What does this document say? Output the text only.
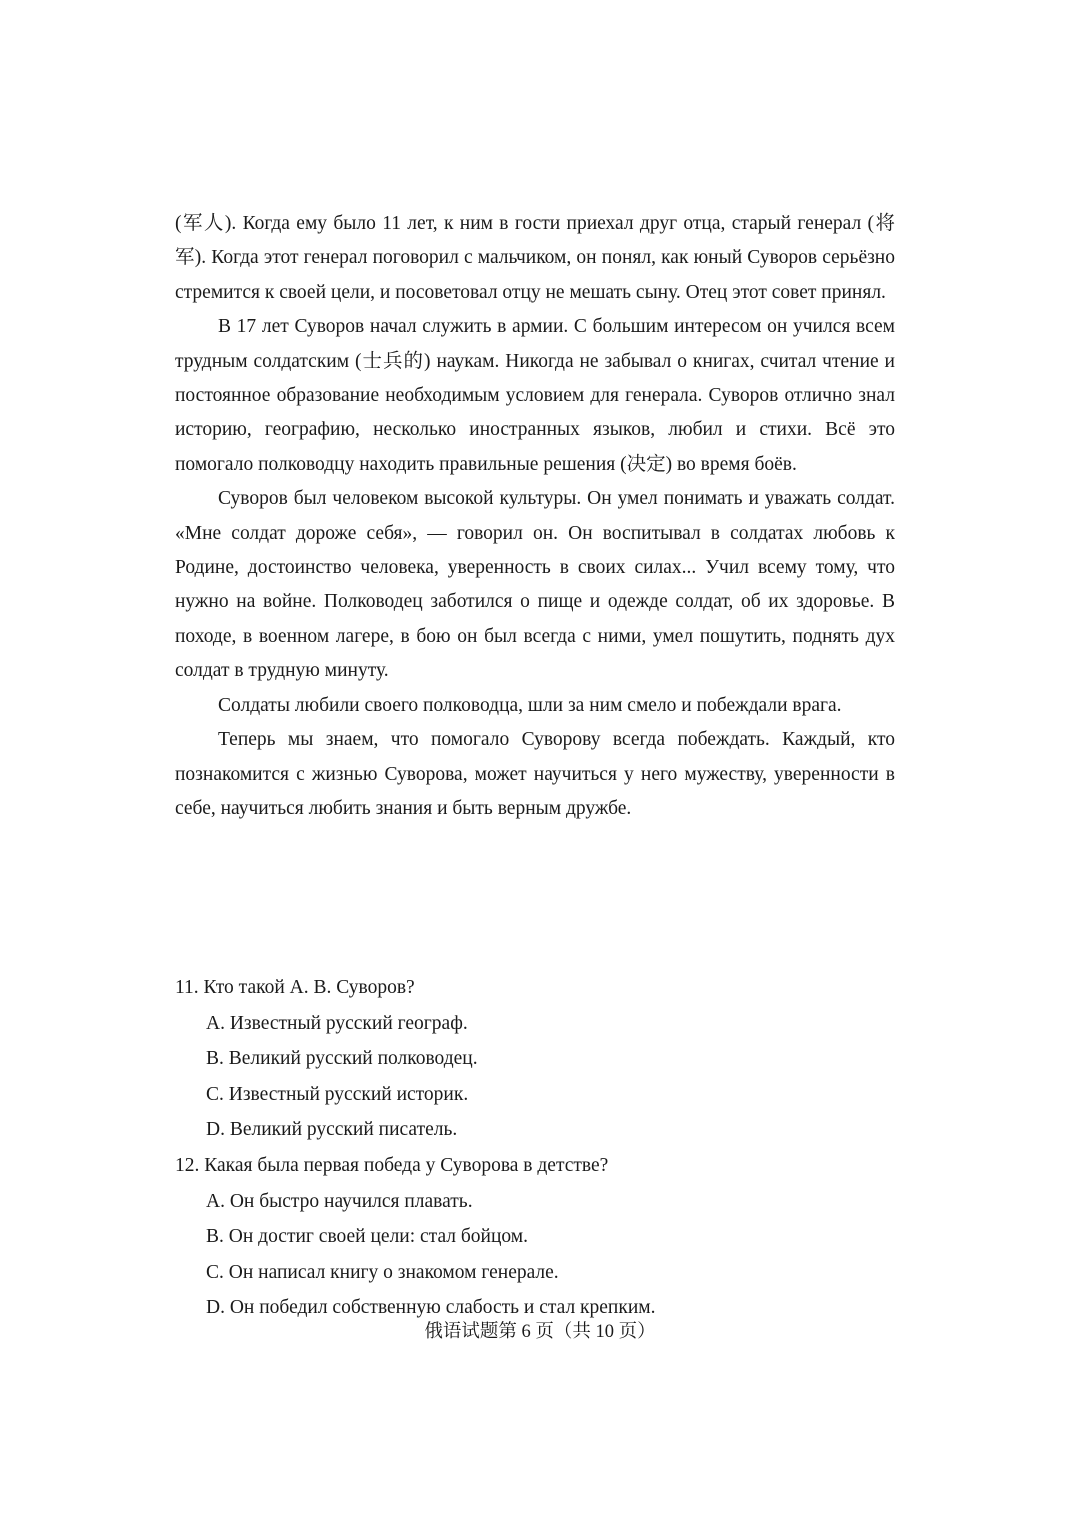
(军人). Когда ему было 11 лет, к ним в гости приехал друг отца, старый генерал (将军). Когда этот генерал поговорил с мальчиком, он понял, как юный Суворов серьёзно стремится к своей цели, и посоветовал отцу не мешать сыну. Отец этот совет принял.

В 17 лет Суворов начал служить в армии. С большим интересом он учился всем трудным солдатским (士兵的) наукам. Никогда не забывал о книгах, считал чтение и постоянное образование необходимым условием для генерала. Суворов отлично знал историю, географию, несколько иностранных языков, любил и стихи. Всё это помогало полководцу находить правильные решения (决定) во время боёв.

Суворов был человеком высокой культуры. Он умел понимать и уважать солдат. «Мне солдат дороже себя», — говорил он. Он воспитывал в солдатах любовь к Родине, достоинство человека, уверенность в своих силах... Учил всему тому, что нужно на войне. Полководец заботился о пище и одежде солдат, об их здоровье. В походе, в военном лагере, в бою он был всегда с ними, умел пошутить, поднять дух солдат в трудную минуту.

Солдаты любили своего полководца, шли за ним смело и побеждали врага.

Теперь мы знаем, что помогало Суворову всегда побеждать. Каждый, кто познакомится с жизнью Суворова, может научиться у него мужеству, уверенности в себе, научиться любить знания и быть верным дружбе.

11. Кто такой А. В. Суворов?

A. Известный русский географ.

B. Великий русский полководец.

C. Известный русский историк.

D. Великий русский писатель.

12. Какая была первая победа у Суворова в детстве?

A. Он быстро научился плавать.

B. Он достиг своей цели: стал бойцом.

C. Он написал книгу о знакомом генерале.

D. Он победил собственную слабость и стал крепким.

俄语试题第 6 页（共 10 页）
